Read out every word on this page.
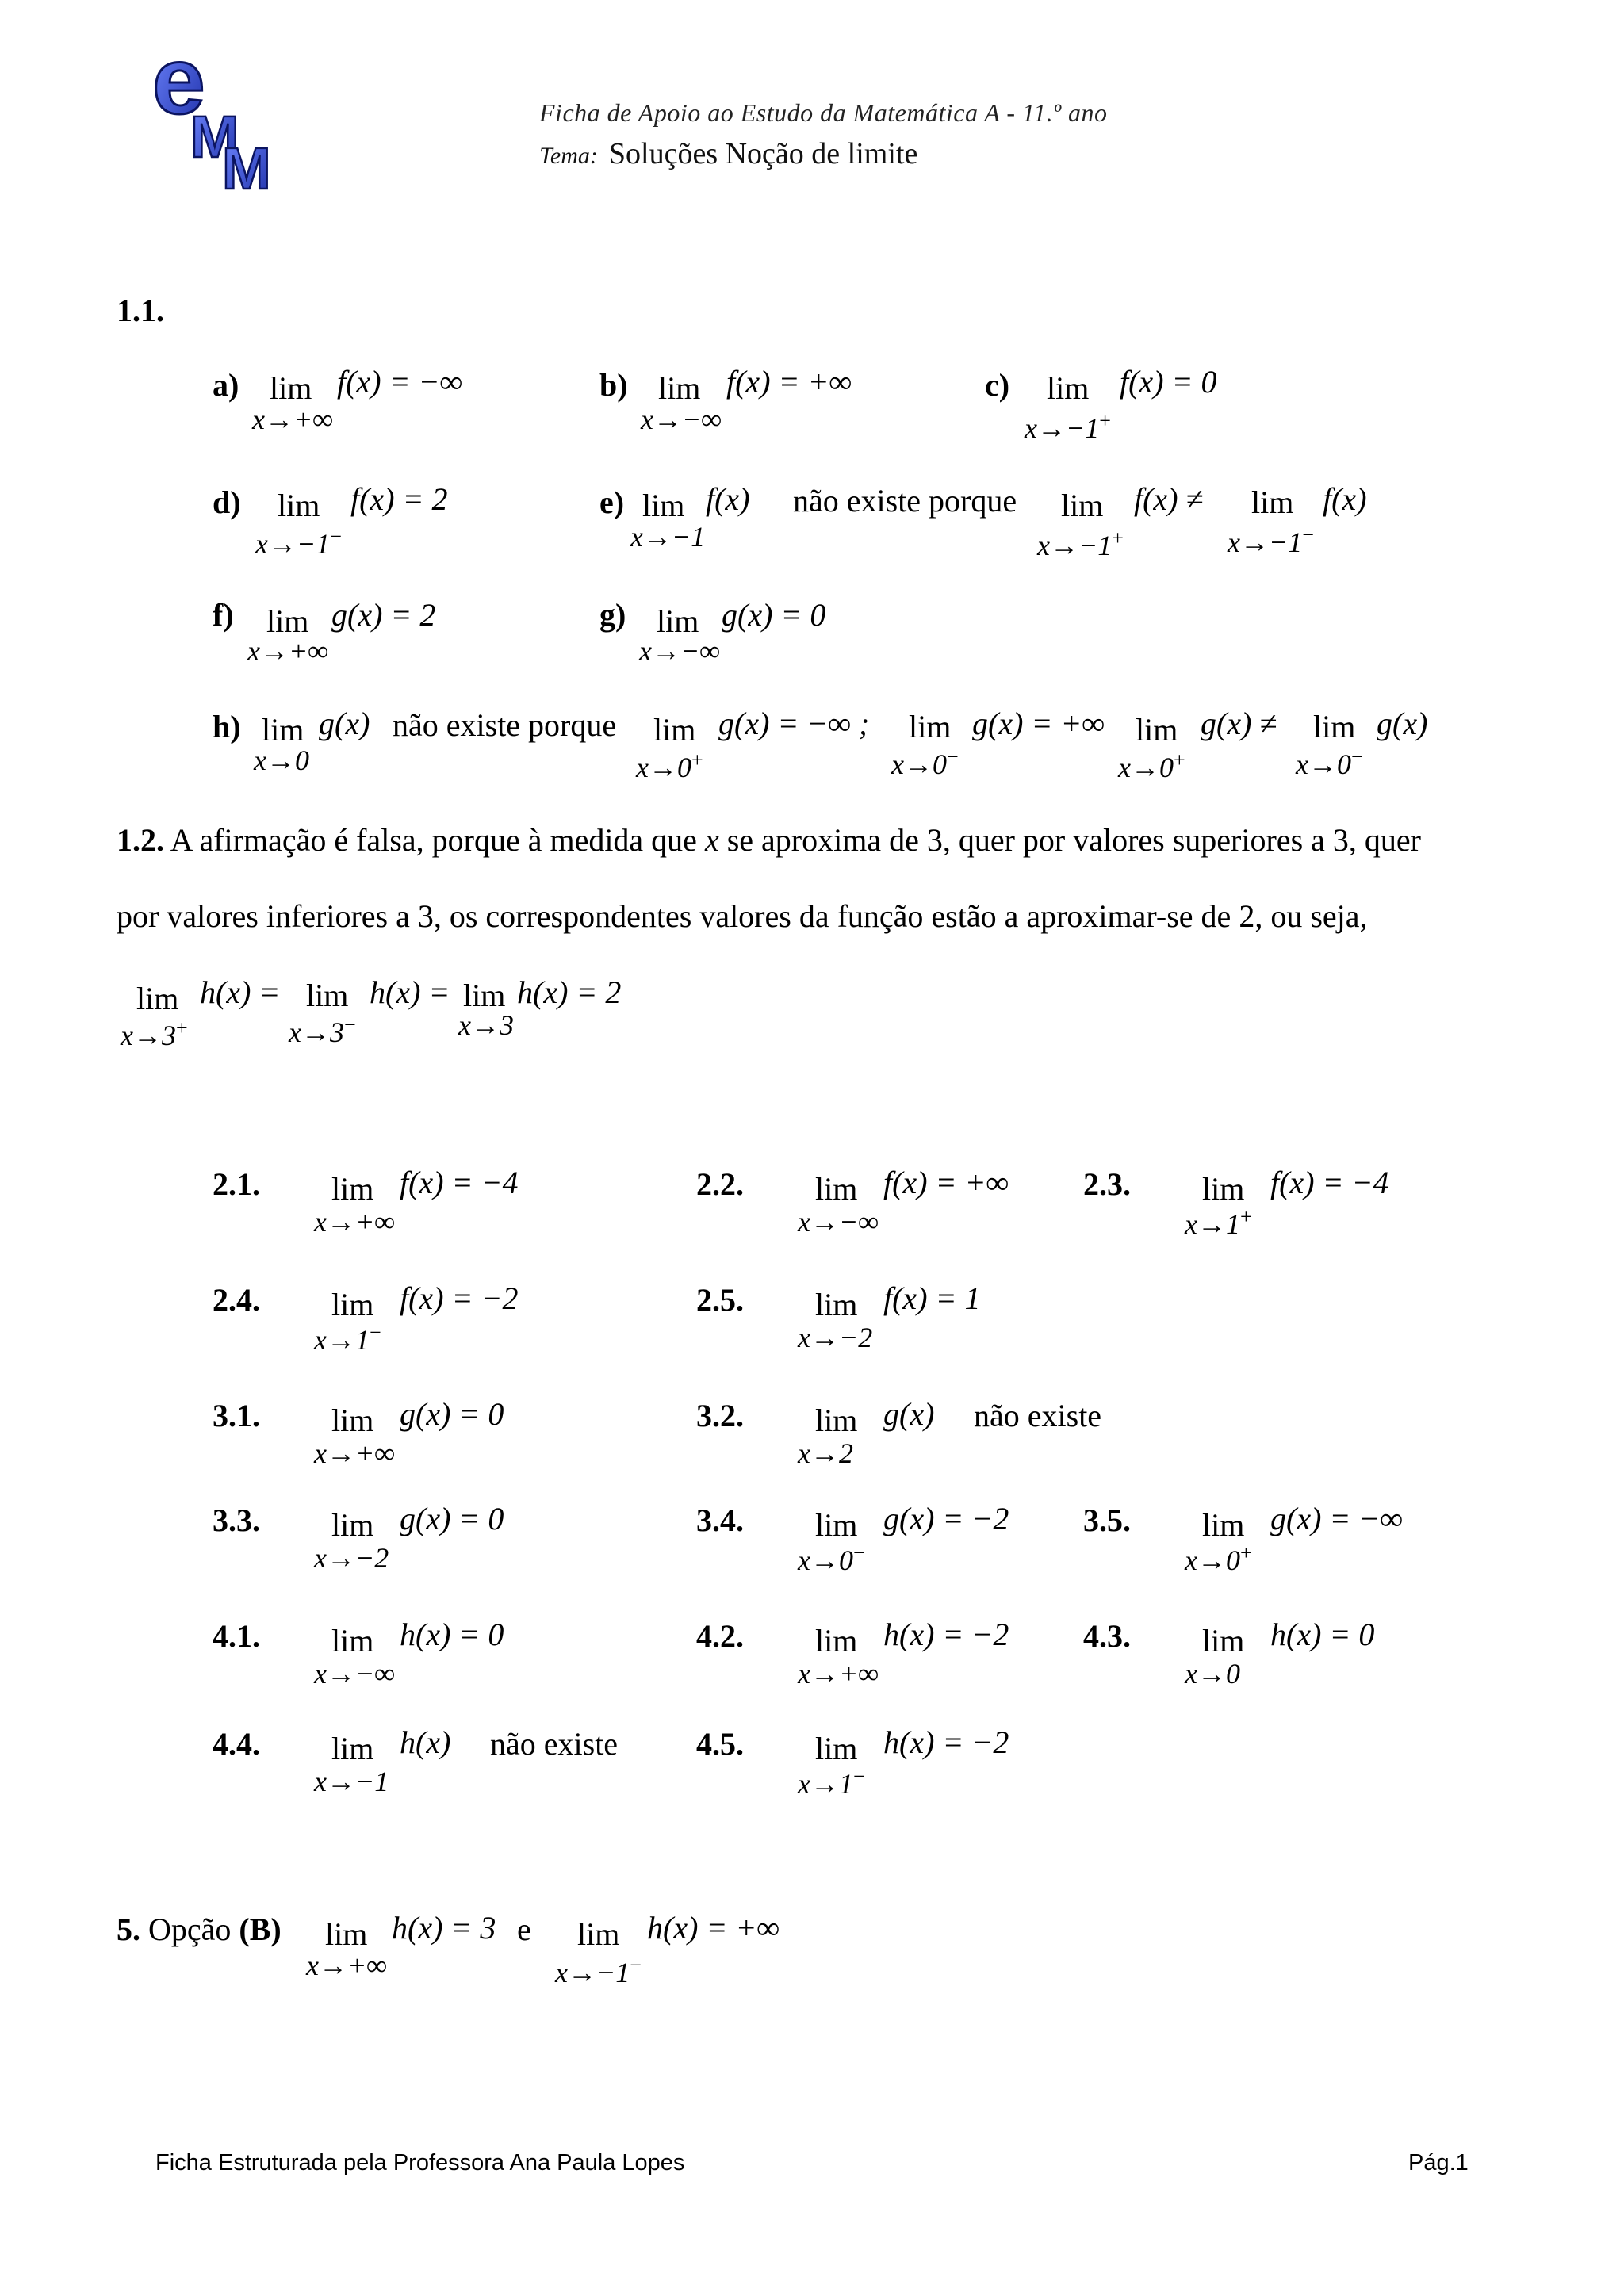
e
M
M
Ficha de Apoio ao Estudo da Matemática A - 11.º ano
Tema: Soluções Noção de limite
1.1.
a) lim f(x) = −∞
x→+∞
b) lim f(x) = +∞
x→−∞
c) lim f(x) = 0
x→−1+
d) lim f(x) = 2
x→−1−
e) lim f(x)
x→−1
não existe porque lim f(x) ≠
x→−1+
lim f(x)
x→−1−
f) lim g(x) = 2
x→+∞
g) lim g(x) = 0
x→−∞
h) lim g(x)
x→0
não existe porque lim g(x) = −∞ ;
x→0+
lim g(x) = +∞
x→0−
lim g(x) ≠
x→0+
lim g(x)
x→0−
1.2. A afirmação é falsa, porque à medida que x se aproxima de 3, quer por valores superiores a 3, quer
por valores inferiores a 3, os correspondentes valores da função estão a aproximar-se de 2, ou seja,
lim h(x) =
x→3+
lim h(x) =
x→3−
lim h(x) = 2
x→3
2.1. lim f(x) = −4
x→+∞
2.2. lim f(x) = +∞
x→−∞
2.3. lim f(x) = −4
x→1+
2.4. lim f(x) = −2
x→1−
2.5. lim f(x) = 1
x→−2
3.1. lim g(x) = 0
x→+∞
3.2. lim g(x)
x→2
não existe
3.3. lim g(x) = 0
x→−2
3.4. lim g(x) = −2
x→0−
3.5. lim g(x) = −∞
x→0+
4.1. lim h(x) = 0
x→−∞
4.2. lim h(x) = −2
x→+∞
4.3. lim h(x) = 0
x→0
4.4. lim h(x)
x→−1
não existe 4.5. lim h(x) = −2
x→1−
5. Opção (B) lim h(x) = 3
x→+∞
e lim h(x) = +∞
x→−1−
Ficha Estruturada pela Professora Ana Paula Lopes	Pág.1
